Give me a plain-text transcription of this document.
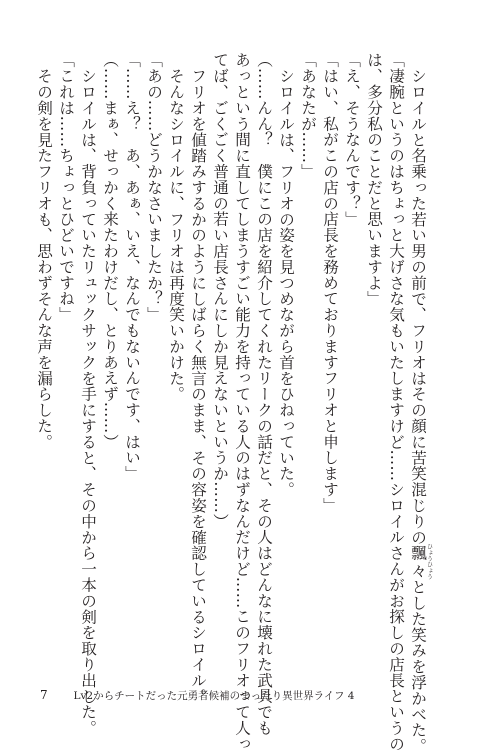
シロイルと名乗った若い男の前で、フリオはその顔に苦笑混じりの飄々ひょうひょうとした笑みを浮かべた。

「凄腕というのはちょっと大げさな気もいたしますけど……シロイルさんがお探しの店長というの

は、多分私のことだと思いますよ」

「え、そうなんです？」

「はい、私がこの店の店長を務めておりますフリオと申します」

「あなたが……」

シロイルは、フリオの姿を見つめながら首をひねっていた。

（……んん？　僕にこの店を紹介してくれたリークの話だと、その人はどんなに壊れた武具でも

あっという間に直してしまうすごい能力を持っている人のはずなんだけど……このフリオって人っ

てば、ごくごく普通の若い店長さんにしか見えないというか……）

フリオを値踏みするかのようにしばらく無言のまま、その容姿を確認しているシロイル。

そんなシロイルに、フリオは再度笑いかけた。

「あの……どうかなさいましたか？」

「……え？　あ、あぁ、いえ、なんでもないんです、はい」

（……まぁ、せっかく来たわけだし、とりあえず……）

シロイルは、背負っていたリュックサックを手にすると、その中から一本の剣を取り出した。

「これは……ちょっとひどいですね」

その剣を見たフリオも、思わずそんな声を漏らした。

7 Lv2からチートだった元勇者候補のまったり異世界ライフ 4
